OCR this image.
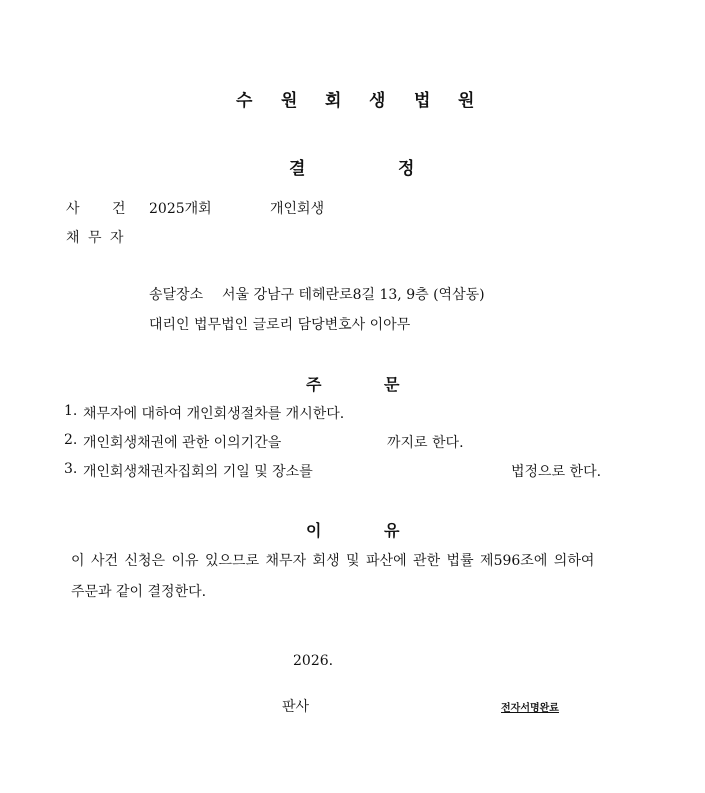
수 원 회 생 법 원
결	정
사 건 2025개회	개인회생
채 무 자
송달장소 서울 강남구 테헤란로8길 13, 9층 (역삼동)
대리인 법무법인 글로리 담당변호사 이아무
주	문
1. 채무자에 대하여 개인회생절차를 개시한다.
2. 개인회생채권에 관한 이의기간을	까지로 한다.
3. 개인회생채권자집회의 기일 및 장소를	법정으로 한다.
이	유
이 사건 신청은 이유 있으므로 채무자 회생 및 파산에 관한 법률 제596조에 의하여
주문과 같이 결정한다.
2026.
판사	전자서명완료
